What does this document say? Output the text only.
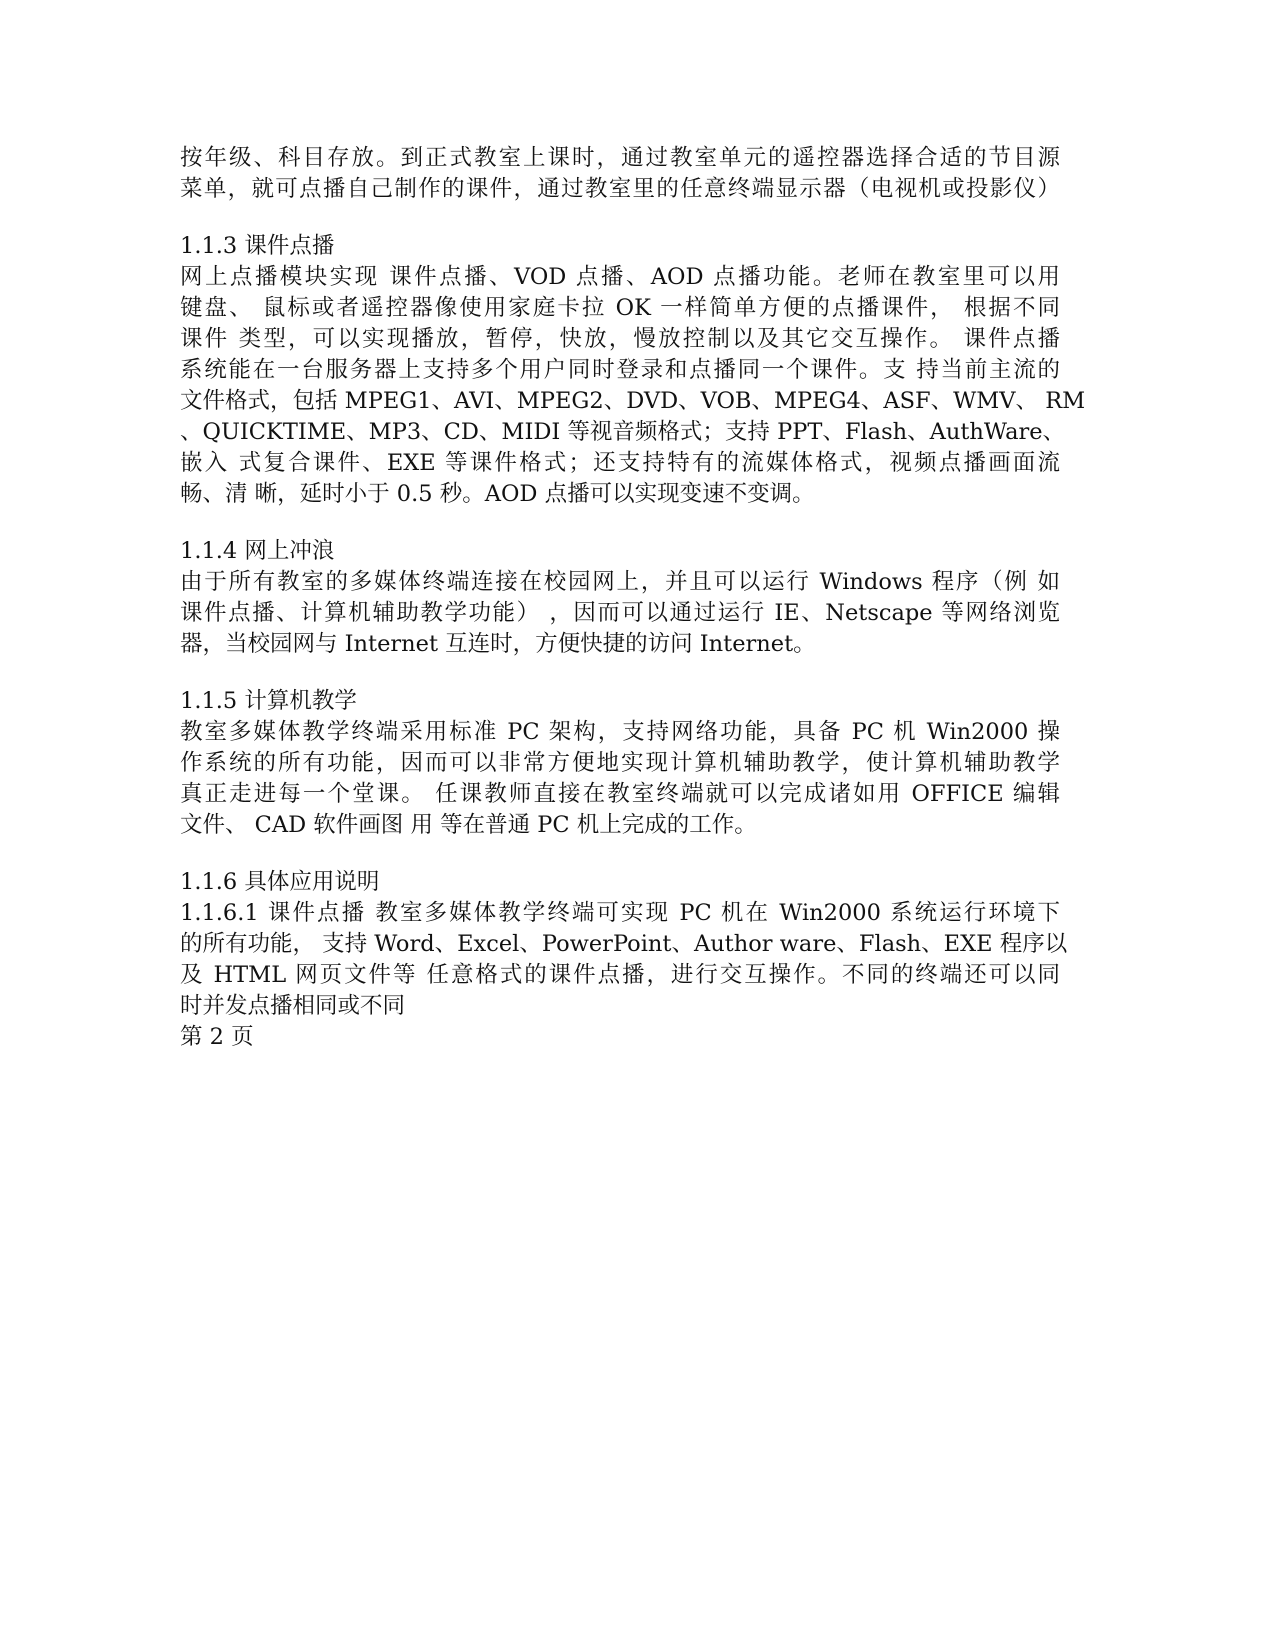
按年级、科目存放。到正式教室上课时，通过教室单元的遥控器选择合适的节目源
菜单，就可点播自己制作的课件，通过教室里的任意终端显示器（电视机或投影仪）
1.1.3 课件点播
网上点播模块实现 课件点播、VOD 点播、AOD 点播功能。老师在教室里可以用
键盘、 鼠标或者遥控器像使用家庭卡拉 OK 一样简单方便的点播课件， 根据不同
课件 类型，可以实现播放，暂停，快放，慢放控制以及其它交互操作。 课件点播
系统能在一台服务器上支持多个用户同时登录和点播同一个课件。支 持当前主流的
文件格式，包括 MPEG1、AVI、MPEG2、DVD、VOB、MPEG4、ASF、WMV、 RM
、QUICKTIME、MP3、CD、MIDI 等视音频格式；支持 PPT、Flash、AuthWare、
嵌入 式复合课件、EXE 等课件格式；还支持特有的流媒体格式，视频点播画面流
畅、清 晰，延时小于 0.5 秒。AOD 点播可以实现变速不变调。
1.1.4 网上冲浪
由于所有教室的多媒体终端连接在校园网上，并且可以运行 Windows 程序（例 如
课件点播、计算机辅助教学功能） ，因而可以通过运行 IE、Netscape 等网络浏览
器，当校园网与 Internet 互连时，方便快捷的访问 Internet。
1.1.5 计算机教学
教室多媒体教学终端采用标准 PC 架构，支持网络功能，具备 PC 机 Win2000 操
作系统的所有功能，因而可以非常方便地实现计算机辅助教学，使计算机辅助教学
真正走进每一个堂课。 任课教师直接在教室终端就可以完成诸如用 OFFICE 编辑
文件、 CAD 软件画图 用 等在普通 PC 机上完成的工作。
1.1.6 具体应用说明
1.1.6.1 课件点播 教室多媒体教学终端可实现 PC 机在 Win2000 系统运行环境下
的所有功能， 支持 Word、Excel、PowerPoint、Author ware、Flash、EXE 程序以
及 HTML 网页文件等 任意格式的课件点播，进行交互操作。不同的终端还可以同
时并发点播相同或不同
第 2 页
